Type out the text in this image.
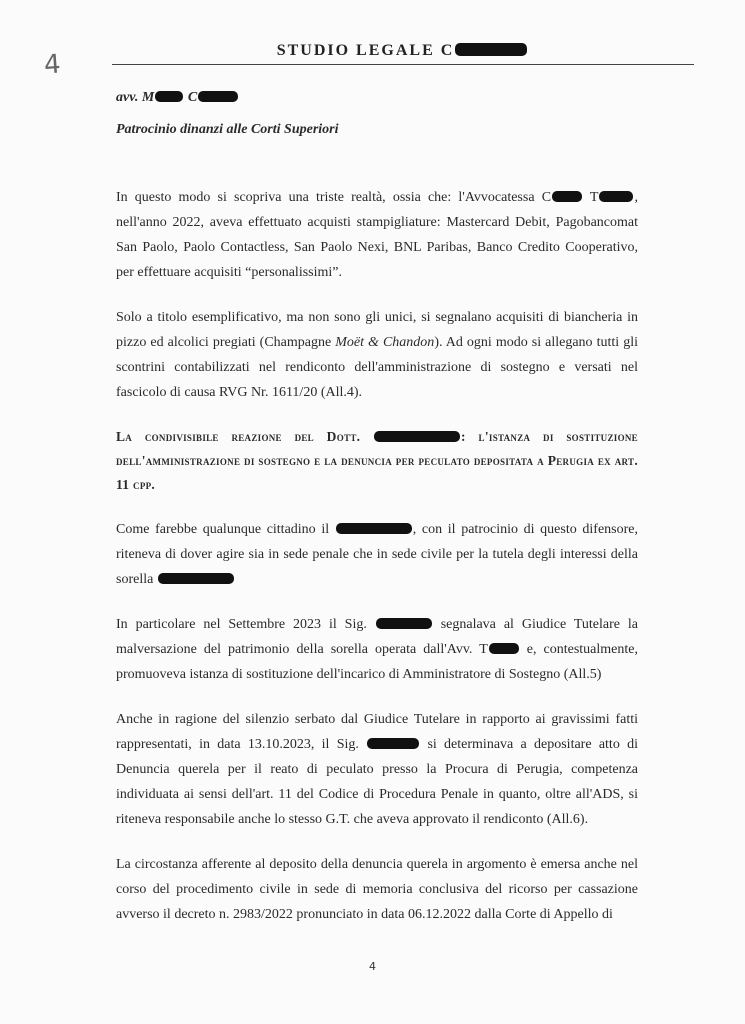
4	STUDIO LEGALE C
avv. M C
Patrocinio dinanzi alle Corti Superiori

In questo modo si scopriva una triste realtà, ossia che: l'Avvocatessa C T	, nell'anno 2022, aveva effettuato acquisti stampigliature: Mastercard Debit, Pagobancomat San Paolo, Paolo Contactless, San Paolo Nexi, BNL Paribas, Banco Credito Cooperativo, per effettuare acquisiti “personalissimi”.

Solo a titolo esemplificativo, ma non sono gli unici, si segnalano acquisiti di biancheria in pizzo ed alcolici pregiati (Champagne Moët & Chandon). Ad ogni modo si allegano tutti gli scontrini contabilizzati nel rendiconto dell'amministrazione di sostegno e versati nel fascicolo di causa RVG Nr. 1611/20 (All.4).

La condivisibile reazione del Dott.	: l'istanza di sostituzione dell'amministrazione di sostegno e la denuncia per peculato depositata a Perugia ex art. 11 cpp.

Come farebbe qualunque cittadino il	, con il patrocinio di questo difensore, riteneva di dover agire sia in sede penale che in sede civile per la tutela degli interessi della sorella

In particolare nel Settembre 2023 il Sig.	segnalava al Giudice Tutelare la malversazione del patrimonio della sorella operata dall'Avv. T e, contestualmente, promuoveva istanza di sostituzione dell'incarico di Amministratore di Sostegno (All.5)

Anche in ragione del silenzio serbato dal Giudice Tutelare in rapporto ai gravissimi fatti rappresentati, in data 13.10.2023, il Sig.	si determinava a depositare atto di Denuncia querela per il reato di peculato presso la Procura di Perugia, competenza individuata ai sensi dell'art. 11 del Codice di Procedura Penale in quanto, oltre all'ADS, si riteneva responsabile anche lo stesso G.T. che aveva approvato il rendiconto (All.6).

La circostanza afferente al deposito della denuncia querela in argomento è emersa anche nel corso del procedimento civile in sede di memoria conclusiva del ricorso per cassazione avverso il decreto n. 2983/2022 pronunciato in data 06.12.2022 dalla Corte di Appello di

4
